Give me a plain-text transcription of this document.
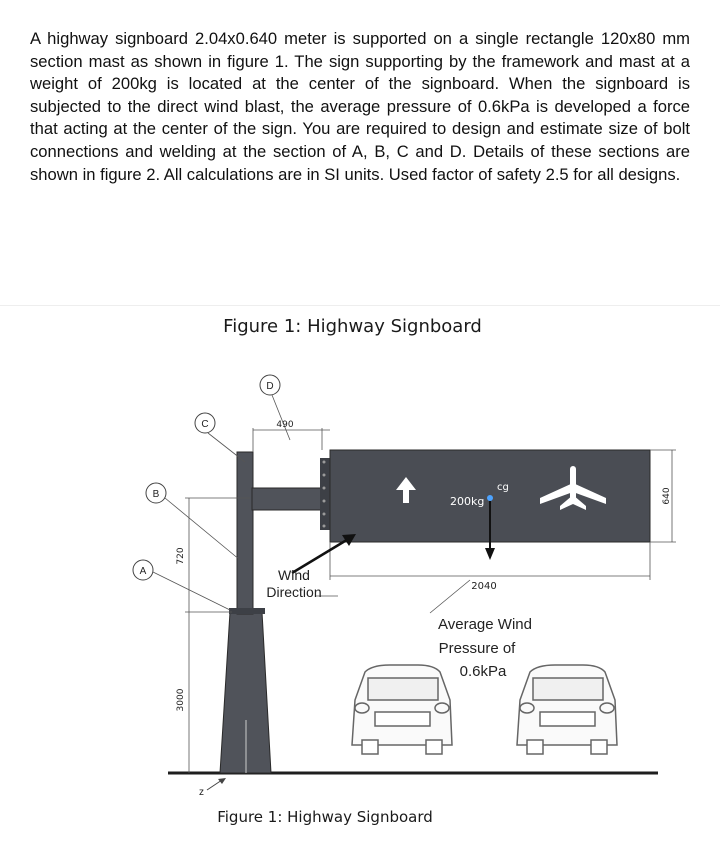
A highway signboard 2.04x0.640 meter is supported on a single rectangle 120x80 mm section mast as shown in figure 1. The sign supporting by the framework and mast at a weight of 200kg is located at the center of the signboard. When the signboard is subjected to the direct wind blast, the average pressure of 0.6kPa is developed a force that acting at the center of the sign. You are required to design and estimate size of bolt connections and welding at the section of A, B, C and D. Details of these sections are shown in figure 2. All calculations are in SI units. Used factor of safety 2.5 for all designs.

Figure 1: Highway Signboard
D
C
B
A
490
720
3000
2040
640
200kg
cg
Wind
Direction
Average Wind
Pressure of
0.6kPa
z
Figure 1: Highway Signboard
